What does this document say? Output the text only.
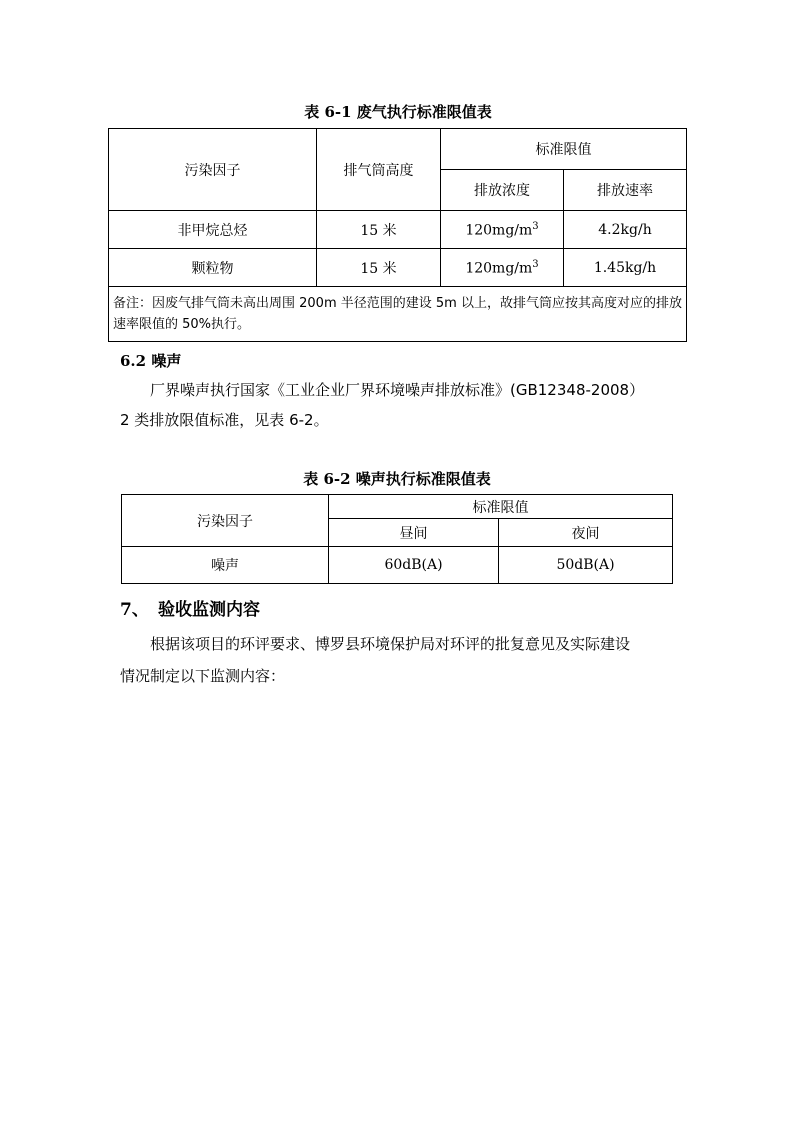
表 6-1 废气执行标准限值表
污染因子	排气筒高度	标准限值	
		排放浓度	排放速率
非甲烷总烃	15 米	$120mg/m^3$	4.2kg/h
颗粒物	15 米	$120mg/m^3$	1.45kg/h
备注：因废气排气筒未高出周围 200m 半径范围的建设 5m 以上，故排气筒应按其高度对应的排放速率限值的 50%执行。			
6.2 噪声
厂界噪声执行国家《工业企业厂界环境噪声排放标准》(GB12348-2008）
2 类排放限值标准，见表 6-2。
表 6-2 噪声执行标准限值表
污染因子	标准限值	
	昼间	夜间
噪声	60dB(A)	50dB(A)
7、 验收监测内容
根据该项目的环评要求、博罗县环境保护局对环评的批复意见及实际建设
情况制定以下监测内容：
